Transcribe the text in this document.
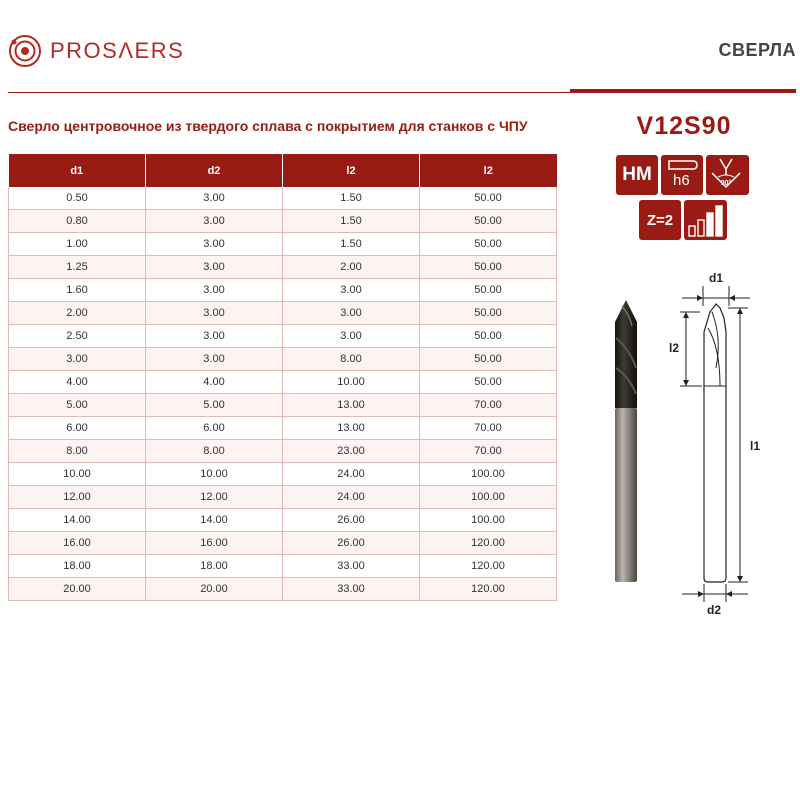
PROSΛERS	СВЕРЛА
Сверло центровочное из твердого сплава с покрытием для станков с ЧПУ	V12S90
d1	d2	l2	l2
0.50	3.00	1.50	50.00
0.80	3.00	1.50	50.00
1.00	3.00	1.50	50.00
1.25	3.00	2.00	50.00
1.60	3.00	3.00	50.00
2.00	3.00	3.00	50.00
2.50	3.00	3.00	50.00
3.00	3.00	8.00	50.00
4.00	4.00	10.00	50.00
5.00	5.00	13.00	70.00
6.00	6.00	13.00	70.00
8.00	8.00	23.00	70.00
10.00	10.00	24.00	100.00
12.00	12.00	24.00	100.00
14.00	14.00	26.00	100.00
16.00	16.00	26.00	120.00
18.00	18.00	33.00	120.00
20.00	20.00	33.00	120.00
HM h6	90°
Z=2
d1
l2
l1
d2
